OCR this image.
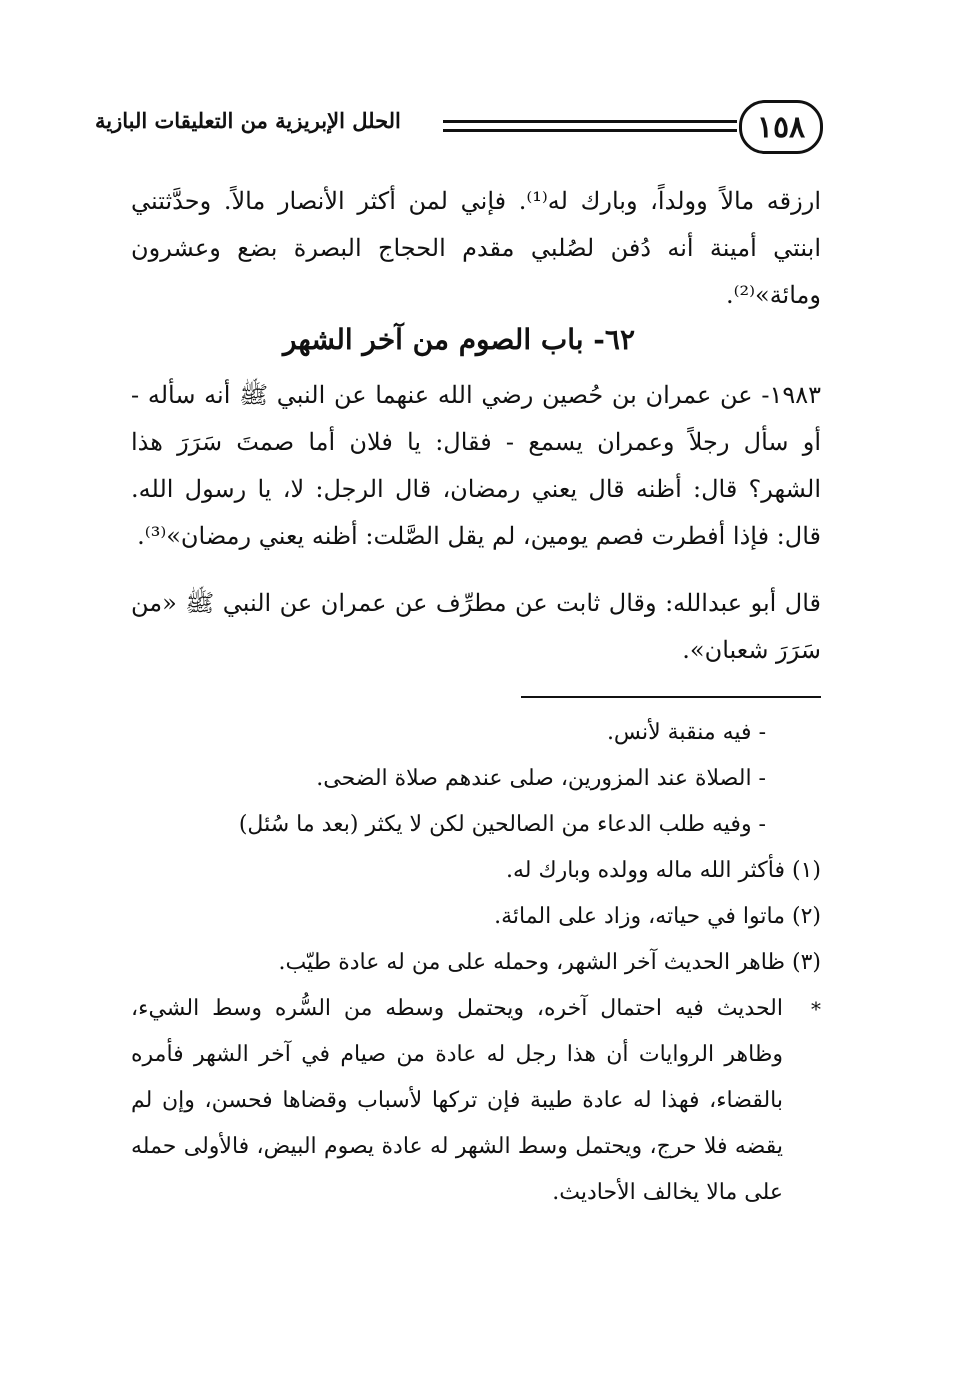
١٥٨
الحلل الإبريزية من التعليقات البازية

ارزقه مالاً وولداً، وبارك له⁽¹⁾. فإني لمن أكثر الأنصار مالاً. وحدَّثتني ابنتي أمينة أنه دُفن لصُلبي مقدم الحجاج البصرة بضع وعشرون ومائة»⁽²⁾.

٦٢- باب الصوم من آخر الشهر

١٩٨٣- عن عمران بن حُصين رضي الله عنهما عن النبي ﷺ أنه سأله - أو سأل رجلاً وعمران يسمع - فقال: يا فلان أما صمتَ سَرَرَ هذا الشهر؟ قال: أظنه قال يعني رمضان، قال الرجل: لا، يا رسول الله. قال: فإذا أفطرت فصم يومين، لم يقل الصَّلت: أظنه يعني رمضان»⁽³⁾.

قال أبو عبدالله: وقال ثابت عن مطرِّف عن عمران عن النبي ﷺ «من سَرَرَ شعبان».

- فيه منقبة لأنس.
- الصلاة عند المزورين، صلى عندهم صلاة الضحى.
- وفيه طلب الدعاء من الصالحين لكن لا يكثر (بعد ما سُئل)
(١) فأكثر الله ماله وولده وبارك له.
(٢) ماتوا في حياته، وزاد على المائة.
(٣) ظاهر الحديث آخر الشهر، وحمله على من له عادة طيّب.
*
الحديث فيه احتمال آخره، ويحتمل وسطه من السُّره وسط الشيء، وظاهر الروايات أن هذا رجل له عادة من صيام في آخر الشهر فأمره بالقضاء، فهذا له عادة طيبة فإن تركها لأسباب وقضاها فحسن، وإن لم يقضه فلا حرج، ويحتمل وسط الشهر له عادة يصوم البيض، فالأولى حمله على مالا يخالف الأحاديث.
